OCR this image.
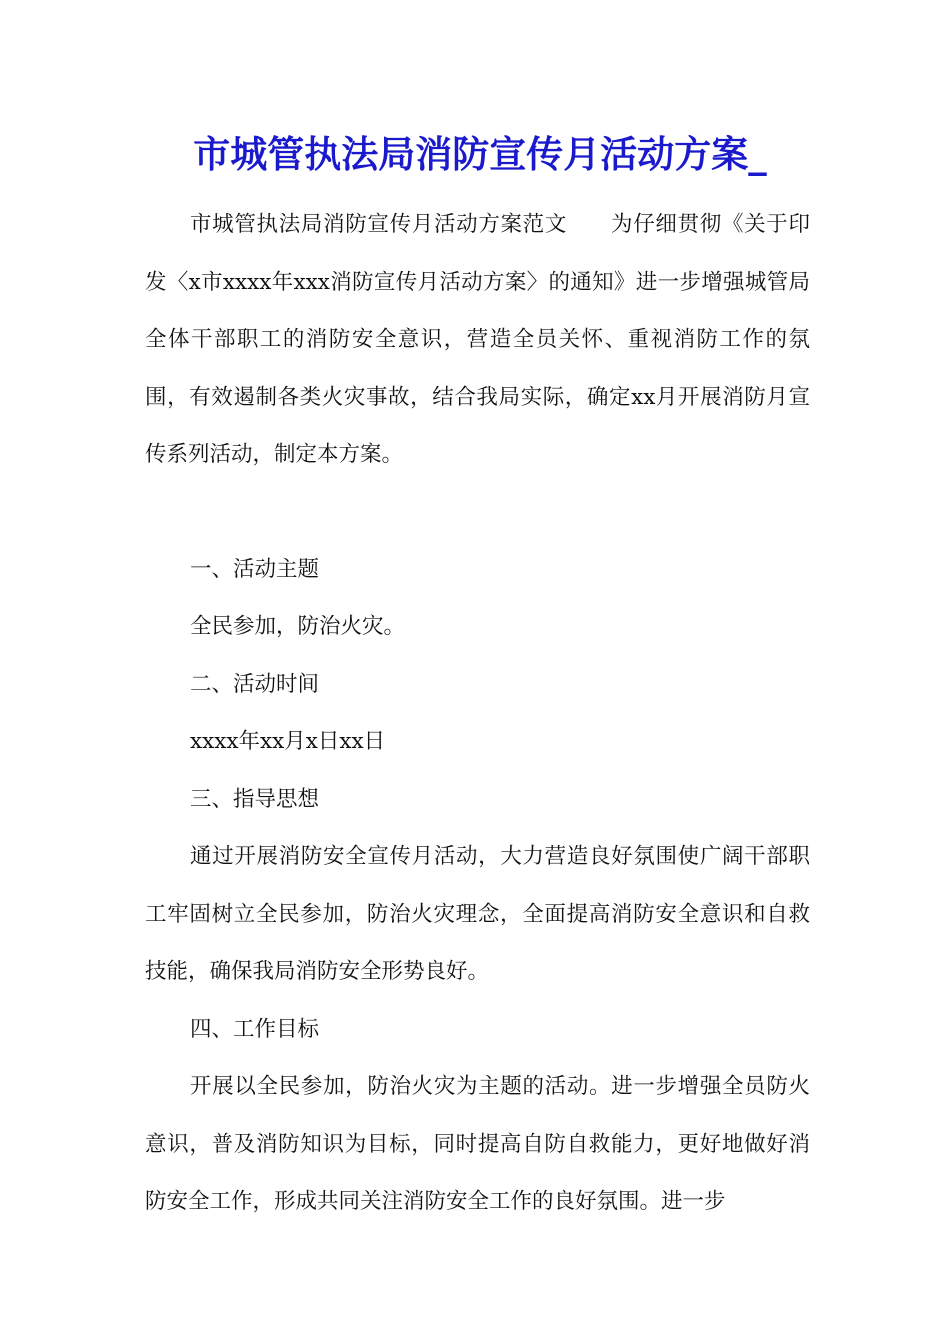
市城管执法局消防宣传月活动方案_

市城管执法局消防宣传月活动方案范文 为仔细贯彻《关于印发〈x市xxxx年xxx消防宣传月活动方案〉的通知》进一步增强城管局全体干部职工的消防安全意识，营造全员关怀、重视消防工作的氛围，有效遏制各类火灾事故，结合我局实际，确定xx月开展消防月宣传系列活动，制定本方案。

一、活动主题

全民参加，防治火灾。

二、活动时间

xxxx年xx月x日xx日

三、指导思想

通过开展消防安全宣传月活动，大力营造良好氛围使广阔干部职工牢固树立全民参加，防治火灾理念，全面提高消防安全意识和自救技能，确保我局消防安全形势良好。

四、工作目标

开展以全民参加，防治火灾为主题的活动。进一步增强全员防火意识，普及消防知识为目标，同时提高自防自救能力，更好地做好消防安全工作，形成共同关注消防安全工作的良好氛围。进一步
